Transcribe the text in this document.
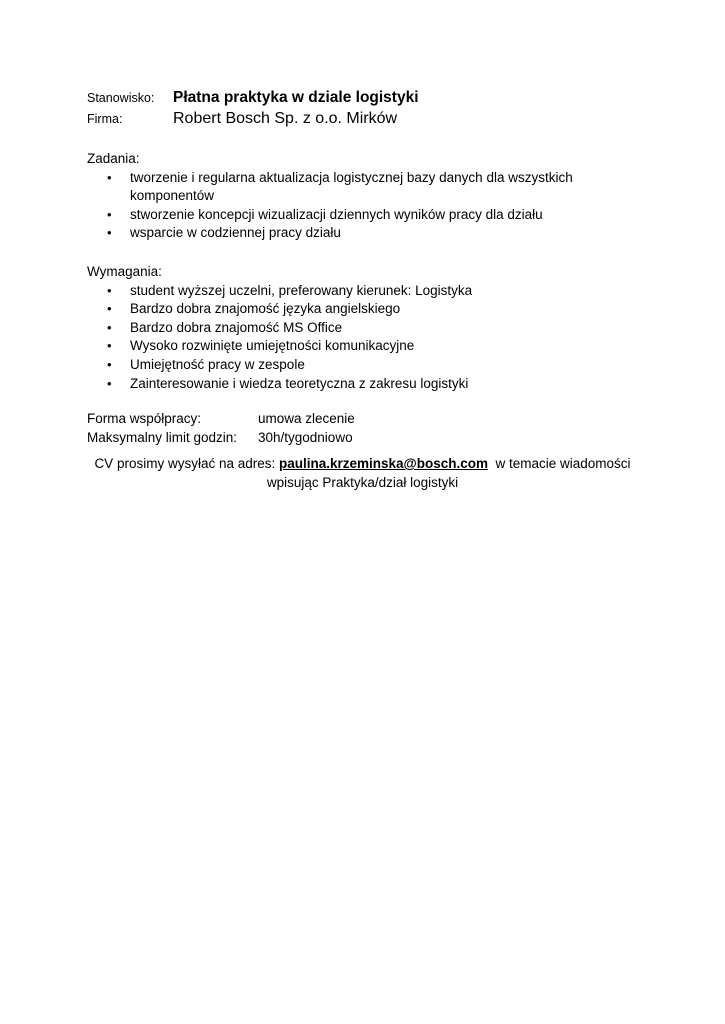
Stanowisko:	Płatna praktyka w dziale logistyki
Firma:	Robert Bosch Sp. z o.o. Mirków
Zadania:
• tworzenie i regularna aktualizacja logistycznej bazy danych dla wszystkich komponentów
• stworzenie koncepcji wizualizacji dziennych wyników pracy dla działu
• wsparcie w codziennej pracy działu
Wymagania:
• student wyższej uczelni, preferowany kierunek: Logistyka
• Bardzo dobra znajomość języka angielskiego
• Bardzo dobra znajomość MS Office
• Wysoko rozwinięte umiejętności komunikacyjne
• Umiejętność pracy w zespole
• Zainteresowanie i wiedza teoretyczna z zakresu logistyki
Forma współpracy:	umowa zlecenie
Maksymalny limit godzin:	30h/tygodniowo
CV prosimy wysyłać na adres: paulina.krzeminska@bosch.com  w temacie wiadomości
wpisując Praktyka/dział logistyki
